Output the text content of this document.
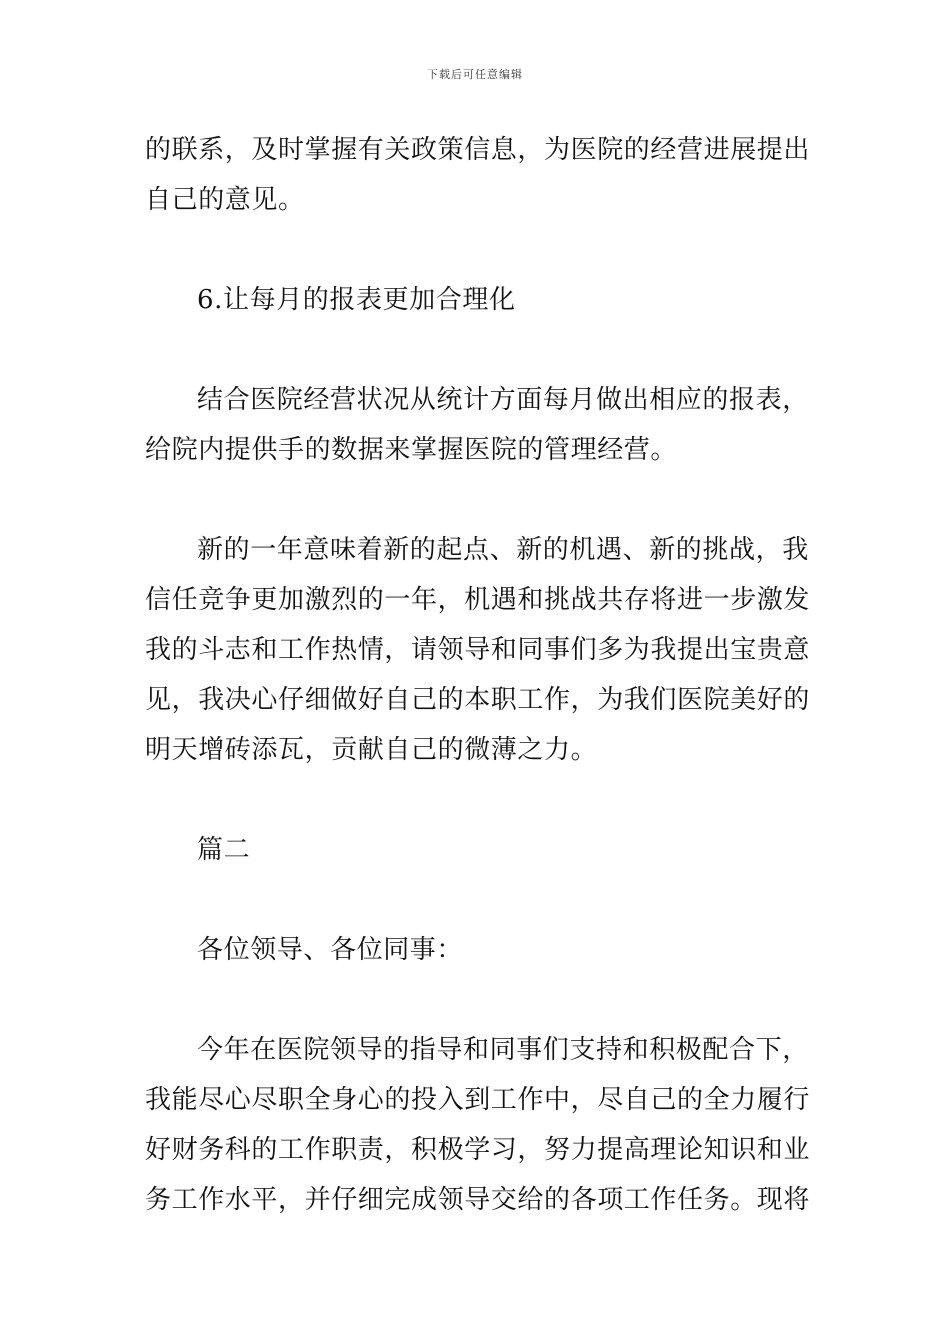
下载后可任意编辑
的联系，及时掌握有关政策信息，为医院的经营进展提出
自己的意见。
6.让每月的报表更加合理化
结合医院经营状况从统计方面每月做出相应的报表，
给院内提供手的数据来掌握医院的管理经营。
新的一年意味着新的起点、新的机遇、新的挑战，我
信任竞争更加激烈的一年，机遇和挑战共存将进一步激发
我的斗志和工作热情，请领导和同事们多为我提出宝贵意
见，我决心仔细做好自己的本职工作，为我们医院美好的
明天增砖添瓦，贡献自己的微薄之力。
篇二
各位领导、各位同事：
今年在医院领导的指导和同事们支持和积极配合下，
我能尽心尽职全身心的投入到工作中，尽自己的全力履行
好财务科的工作职责，积极学习，努力提高理论知识和业
务工作水平，并仔细完成领导交给的各项工作任务。现将
